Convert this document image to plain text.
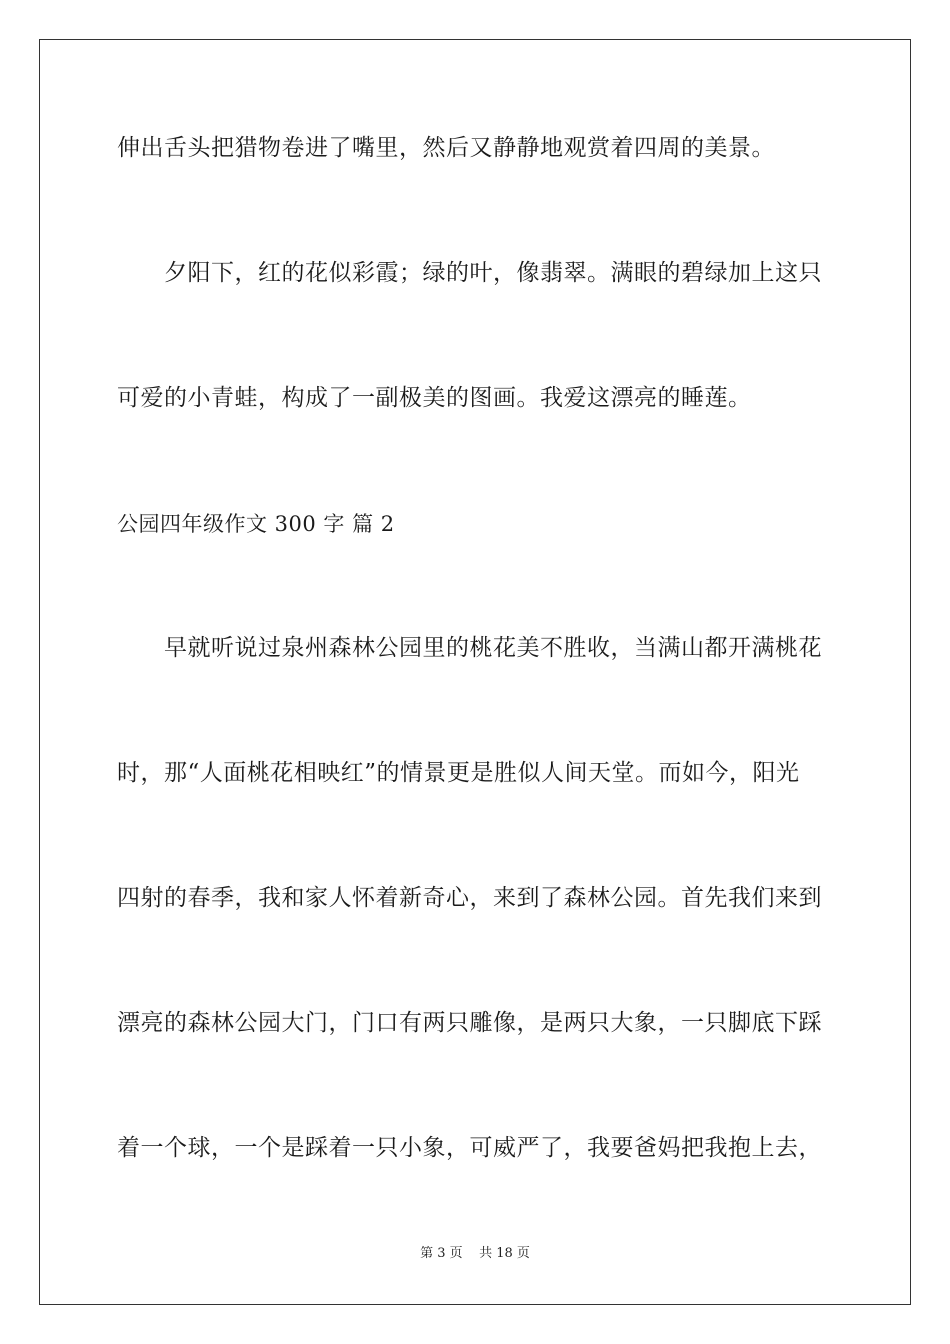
伸出舌头把猎物卷进了嘴里，然后又静静地观赏着四周的美景。
夕阳下，红的花似彩霞；绿的叶，像翡翠。满眼的碧绿加上这只
可爱的小青蛙，构成了一副极美的图画。我爱这漂亮的睡莲。
公园四年级作文 300 字 篇 2
早就听说过泉州森林公园里的桃花美不胜收，当满山都开满桃花
时，那“人面桃花相映红”的情景更是胜似人间天堂。而如今，阳光
四射的春季，我和家人怀着新奇心，来到了森林公园。首先我们来到
漂亮的森林公园大门，门口有两只雕像，是两只大象，一只脚底下踩
着一个球，一个是踩着一只小象，可威严了，我要爸妈把我抱上去，
第 3 页    共 18 页
